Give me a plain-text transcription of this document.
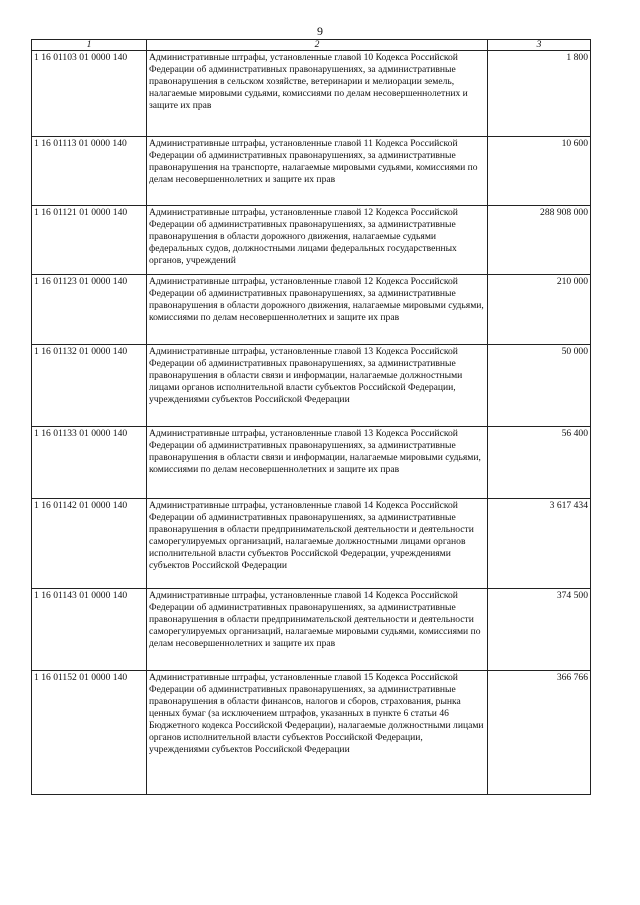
9
1	2	3
1 16 01103 01 0000 140	Административные штрафы, установленные главой 10 Кодекса Российской Федерации об административных правонарушениях, за административные правонарушения в сельском хозяйстве, ветеринарии и мелиорации земель, налагаемые мировыми судьями, комиссиями по делам несовершеннолетних и защите их прав	1 800
1 16 01113 01 0000 140	Административные штрафы, установленные главой 11 Кодекса Российской Федерации об административных правонарушениях, за административные правонарушения на транспорте, налагаемые мировыми судьями, комиссиями по делам несовершеннолетних и защите их прав	10 600
1 16 01121 01 0000 140	Административные штрафы, установленные главой 12 Кодекса Российской Федерации об административных правонарушениях, за административные правонарушения в области дорожного движения, налагаемые судьями федеральных судов, должностными лицами федеральных государственных органов, учреждений	288 908 000
1 16 01123 01 0000 140	Административные штрафы, установленные главой 12 Кодекса Российской Федерации об административных правонарушениях, за административные правонарушения в области дорожного движения, налагаемые мировыми судьями, комиссиями по делам несовершеннолетних и защите их прав	210 000
1 16 01132 01 0000 140	Административные штрафы, установленные главой 13 Кодекса Российской Федерации об административных правонарушениях, за административные правонарушения в области связи и информации, налагаемые должностными лицами органов исполнительной власти субъектов Российской Федерации, учреждениями субъектов Российской Федерации	50 000
1 16 01133 01 0000 140	Административные штрафы, установленные главой 13 Кодекса Российской Федерации об административных правонарушениях, за административные правонарушения в области связи и информации, налагаемые мировыми судьями, комиссиями по делам несовершеннолетних и защите их прав	56 400
1 16 01142 01 0000 140	Административные штрафы, установленные главой 14 Кодекса Российской Федерации об административных правонарушениях, за административные правонарушения в области предпринимательской деятельности и деятельности саморегулируемых организаций, налагаемые должностными лицами органов исполнительной власти субъектов Российской Федерации, учреждениями субъектов Российской Федерации	3 617 434
1 16 01143 01 0000 140	Административные штрафы, установленные главой 14 Кодекса Российской Федерации об административных правонарушениях, за административные правонарушения в области предпринимательской деятельности и деятельности саморегулируемых организаций, налагаемые мировыми судьями, комиссиями по делам несовершеннолетних и защите их прав	374 500
1 16 01152 01 0000 140	Административные штрафы, установленные главой 15 Кодекса Российской Федерации об административных правонарушениях, за административные правонарушения в области финансов, налогов и сборов, страхования, рынка ценных бумаг (за исключением штрафов, указанных в пункте 6 статьи 46 Бюджетного кодекса Российской Федерации), налагаемые должностными лицами органов исполнительной власти субъектов Российской Федерации, учреждениями субъектов Российской Федерации	366 766
